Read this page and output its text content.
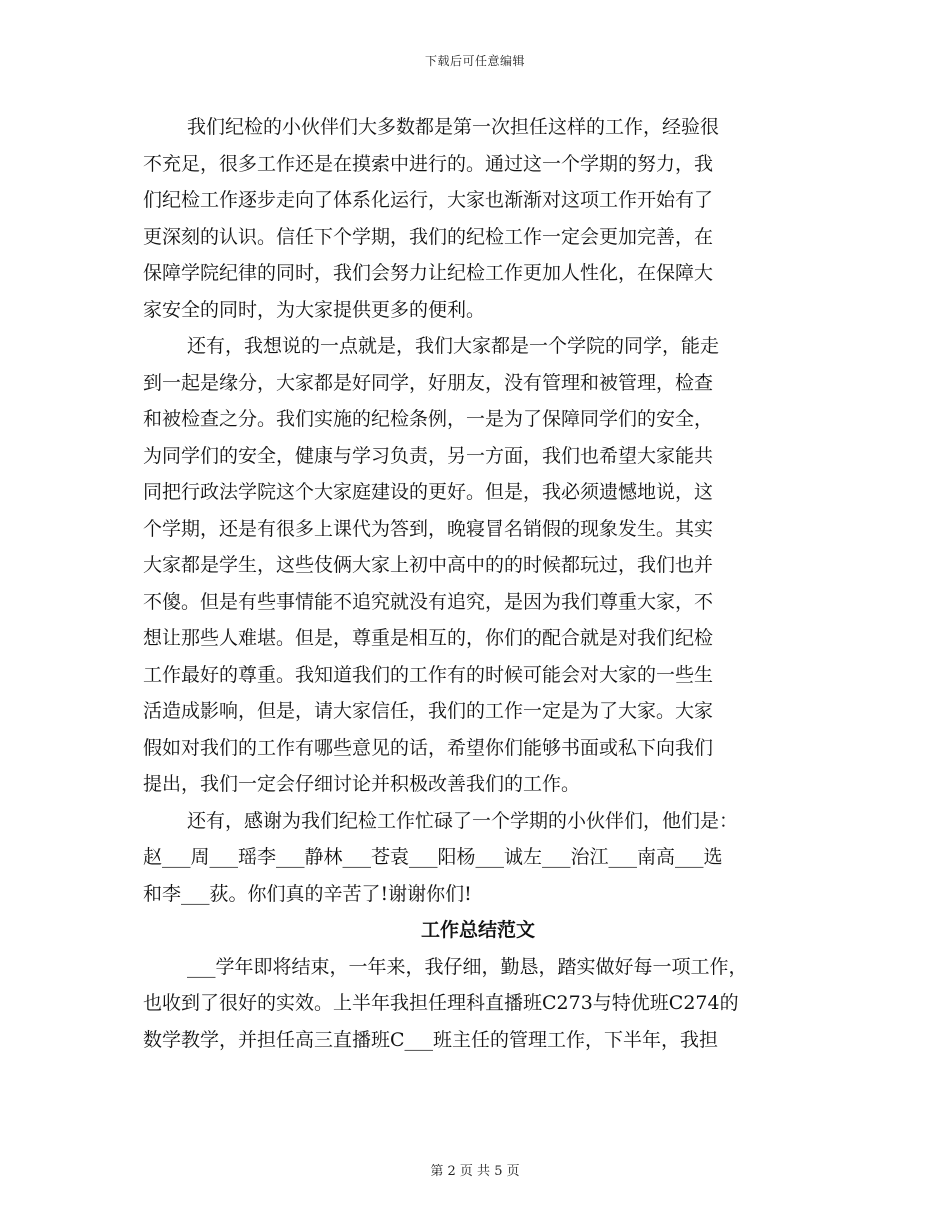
下载后可任意编辑
我们纪检的小伙伴们大多数都是第一次担任这样的工作，经验很
不充足，很多工作还是在摸索中进行的。通过这一个学期的努力，我
们纪检工作逐步走向了体系化运行，大家也渐渐对这项工作开始有了
更深刻的认识。信任下个学期，我们的纪检工作一定会更加完善，在
保障学院纪律的同时，我们会努力让纪检工作更加人性化，在保障大
家安全的同时，为大家提供更多的便利。
还有，我想说的一点就是，我们大家都是一个学院的同学，能走
到一起是缘分，大家都是好同学，好朋友，没有管理和被管理，检查
和被检查之分。我们实施的纪检条例，一是为了保障同学们的安全，
为同学们的安全，健康与学习负责，另一方面，我们也希望大家能共
同把行政法学院这个大家庭建设的更好。但是，我必须遗憾地说，这
个学期，还是有很多上课代为答到，晚寝冒名销假的现象发生。其实
大家都是学生，这些伎俩大家上初中高中的的时候都玩过，我们也并
不傻。但是有些事情能不追究就没有追究，是因为我们尊重大家，不
想让那些人难堪。但是，尊重是相互的，你们的配合就是对我们纪检
工作最好的尊重。我知道我们的工作有的时候可能会对大家的一些生
活造成影响，但是，请大家信任，我们的工作一定是为了大家。大家
假如对我们的工作有哪些意见的话，希望你们能够书面或私下向我们
提出，我们一定会仔细讨论并积极改善我们的工作。
还有，感谢为我们纪检工作忙碌了一个学期的小伙伴们，他们是：
赵___周___瑶李___静林___苍袁___阳杨___诚左___治江___南高___选
和李___荻。你们真的辛苦了!谢谢你们!
工作总结范文
___学年即将结束，一年来，我仔细，勤恳，踏实做好每一项工作，
也收到了很好的实效。上半年我担任理科直播班C273与特优班C274的
数学教学，并担任高三直播班C___班主任的管理工作，下半年，我担
第 2 页 共 5 页
